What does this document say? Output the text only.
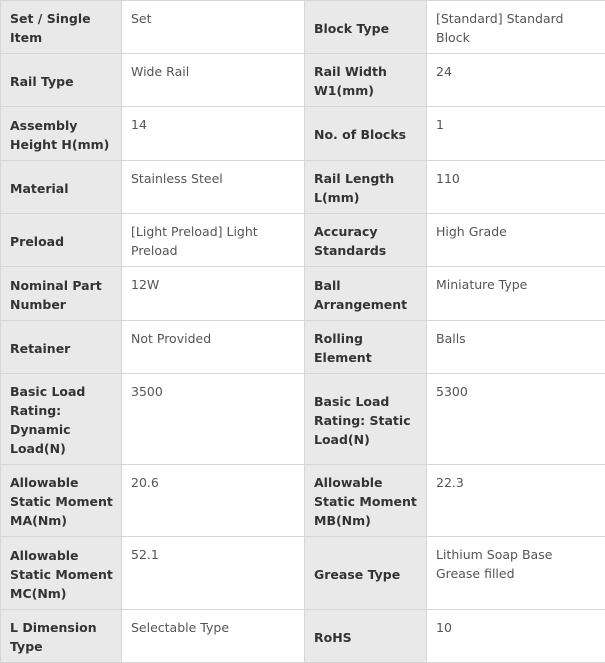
Set / Single Item	Set	Block Type	[Standard] Standard Block
Rail Type	Wide Rail	Rail Width W1(mm)	24
Assembly Height H(mm)	14	No. of Blocks	1
Material	Stainless Steel	Rail Length L(mm)	110
Preload	[Light Preload] Light Preload	Accuracy Standards	High Grade
Nominal Part Number	12W	Ball Arrangement	Miniature Type
Retainer	Not Provided	Rolling Element	Balls
Basic Load Rating: Dynamic Load(N)	3500	Basic Load Rating: Static Load(N)	5300
Allowable Static Moment MA(Nm)	20.6	Allowable Static Moment MB(Nm)	22.3
Allowable Static Moment MC(Nm)	52.1	Grease Type	Lithium Soap Base Grease filled
L Dimension Type	Selectable Type	RoHS	10
